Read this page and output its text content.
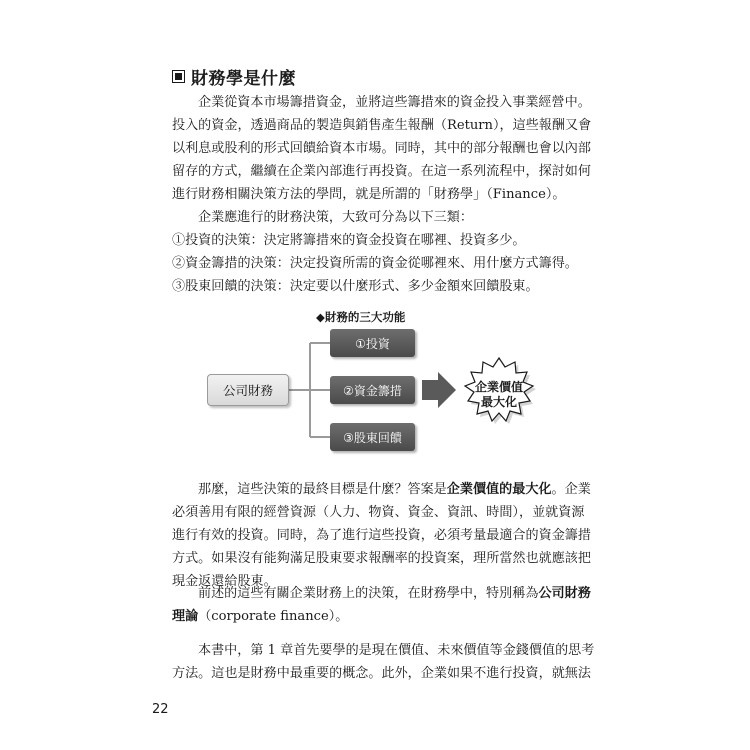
財務學是什麼
企業從資本市場籌措資金，並將這些籌措來的資金投入事業經營中。
投入的資金，透過商品的製造與銷售產生報酬（Return），這些報酬又會
以利息或股利的形式回饋給資本市場。同時，其中的部分報酬也會以內部
留存的方式，繼續在企業內部進行再投資。在這一系列流程中，探討如何
進行財務相關決策方法的學問，就是所謂的「財務學」（Finance）。
企業應進行的財務決策，大致可分為以下三類：
①投資的決策：決定將籌措來的資金投資在哪裡、投資多少。
②資金籌措的決策：決定投資所需的資金從哪裡來、用什麼方式籌得。
③股東回饋的決策：決定要以什麼形式、多少金額來回饋股東。
◆財務的三大功能
公司財務
①投資
②資金籌措
③股東回饋
企業價值
最大化
那麼，這些決策的最終目標是什麼？答案是企業價值的最大化。企業
必須善用有限的經營資源（人力、物資、資金、資訊、時間），並就資源
進行有效的投資。同時，為了進行這些投資，必須考量最適合的資金籌措
方式。如果沒有能夠滿足股東要求報酬率的投資案，理所當然也就應該把
現金返還給股東。
前述的這些有關企業財務上的決策，在財務學中，特別稱為公司財務
理論（corporate finance）。
本書中，第 1 章首先要學的是現在價值、未來價值等金錢價值的思考
方法。這也是財務中最重要的概念。此外，企業如果不進行投資，就無法
22
